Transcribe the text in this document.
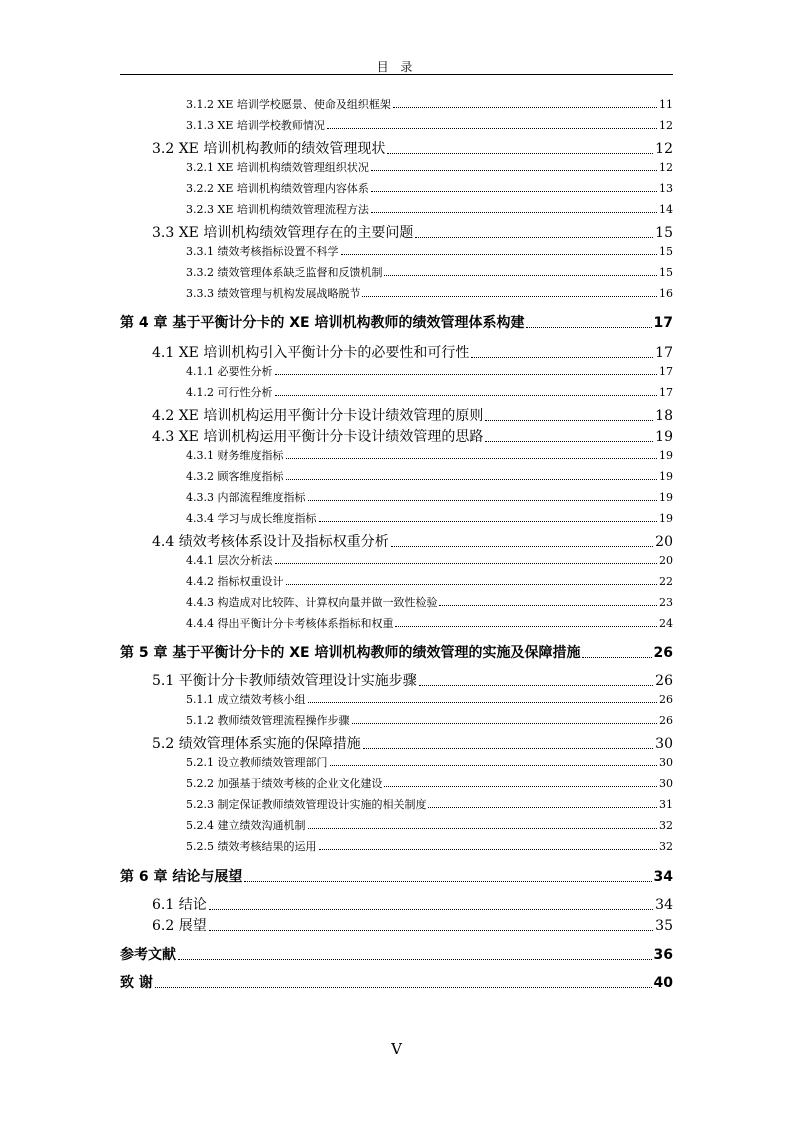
目 录
3.1.2 XE 培训学校愿景、使命及组织框架	11
3.1.3 XE 培训学校教师情况	12
3.2 XE 培训机构教师的绩效管理现状	12
3.2.1 XE 培训机构绩效管理组织状况	12
3.2.2 XE 培训机构绩效管理内容体系	13
3.2.3 XE 培训机构绩效管理流程方法	14
3.3 XE 培训机构绩效管理存在的主要问题	15
3.3.1 绩效考核指标设置不科学	15
3.3.2 绩效管理体系缺乏监督和反馈机制	15
3.3.3 绩效管理与机构发展战略脱节	16
第 4 章 基于平衡计分卡的 XE 培训机构教师的绩效管理体系构建	17
4.1 XE 培训机构引入平衡计分卡的必要性和可行性	17
4.1.1 必要性分析	17
4.1.2 可行性分析	17
4.2 XE 培训机构运用平衡计分卡设计绩效管理的原则	18
4.3 XE 培训机构运用平衡计分卡设计绩效管理的思路	19
4.3.1 财务维度指标	19
4.3.2 顾客维度指标	19
4.3.3 内部流程维度指标	19
4.3.4 学习与成长维度指标	19
4.4 绩效考核体系设计及指标权重分析	20
4.4.1 层次分析法	20
4.4.2 指标权重设计	22
4.4.3 构造成对比较阵、计算权向量并做一致性检验	23
4.4.4 得出平衡计分卡考核体系指标和权重	24
第 5 章 基于平衡计分卡的 XE 培训机构教师的绩效管理的实施及保障措施	26
5.1 平衡计分卡教师绩效管理设计实施步骤	26
5.1.1 成立绩效考核小组	26
5.1.2 教师绩效管理流程操作步骤	26
5.2 绩效管理体系实施的保障措施	30
5.2.1 设立教师绩效管理部门	30
5.2.2 加强基于绩效考核的企业文化建设	30
5.2.3 制定保证教师绩效管理设计实施的相关制度	31
5.2.4 建立绩效沟通机制	32
5.2.5 绩效考核结果的运用	32
第 6 章 结论与展望	34
6.1 结论	34
6.2 展望	35
参考文献	36
致 谢	40
V
